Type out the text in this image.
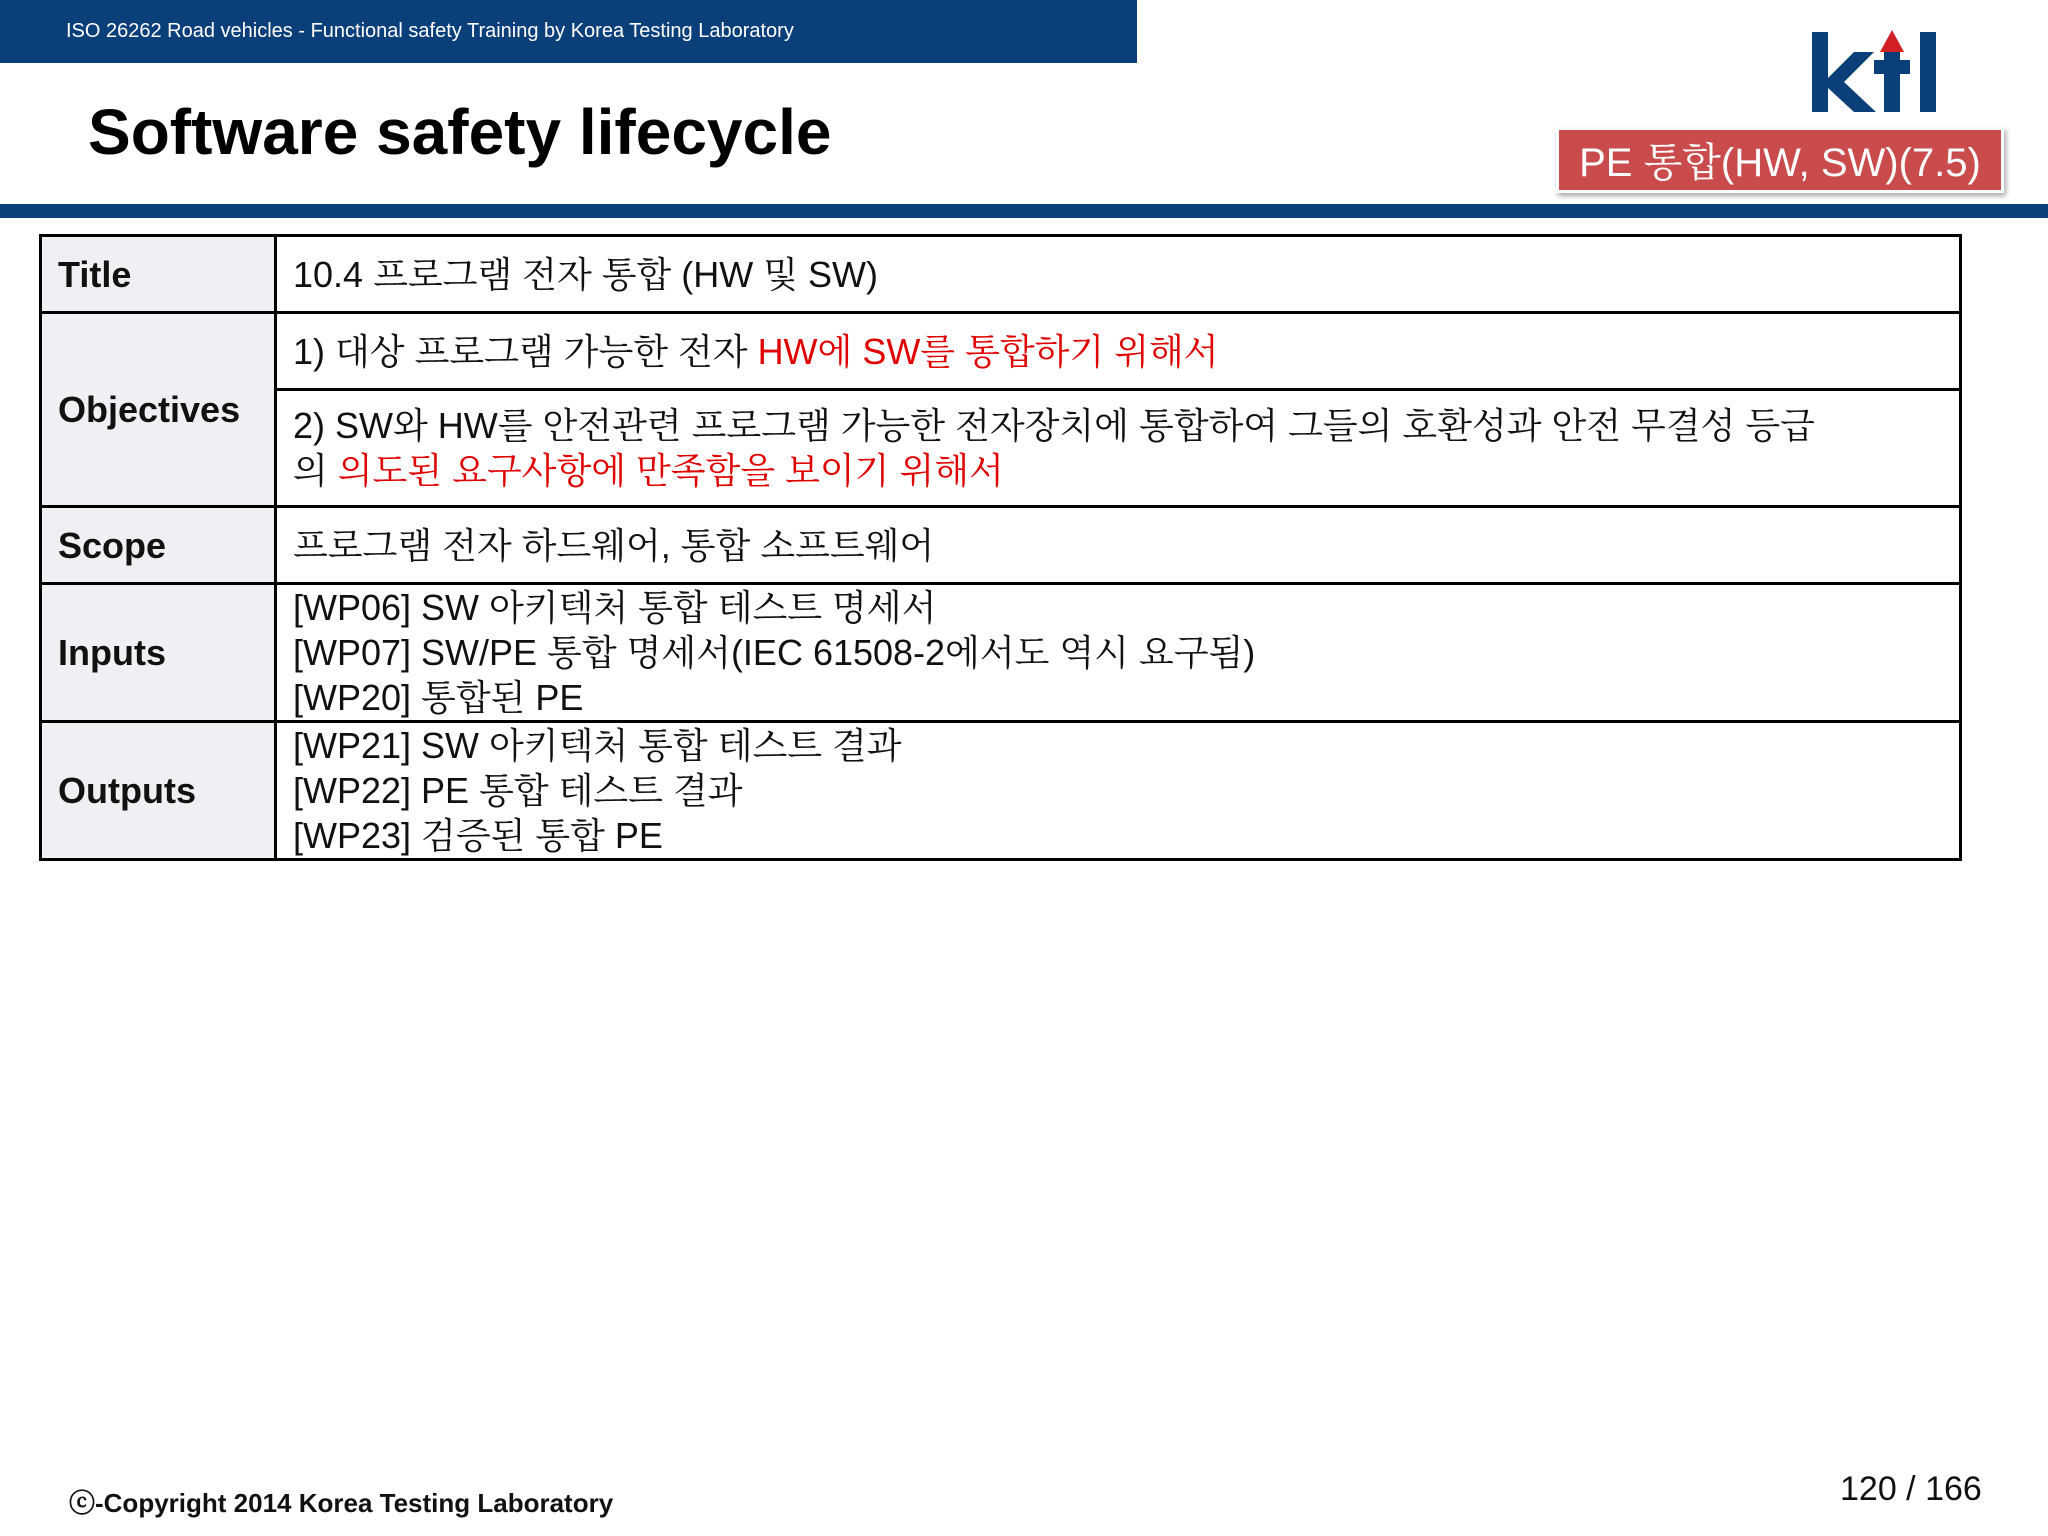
ISO 26262 Road vehicles - Functional safety Training by Korea Testing Laboratory
Software safety lifecycle	PE 통합(HW, SW)(7.5)
Title	10.4 프로그램 전자 통합 (HW 및 SW)
Objectives	1) 대상 프로그램 가능한 전자 HW에 SW를 통합하기 위해서

	2) SW와 HW를 안전관련 프로그램 가능한 전자장치에 통합하여 그들의 호환성과 안전 무결성 등급
의 의도된 요구사항에 만족함을 보이기 위해서

Scope	프로그램 전자 하드웨어, 통합 소프트웨어
Inputs	[WP06] SW 아키텍처 통합 테스트 명세서
[WP07] SW/PE 통합 명세서(IEC 61508-2에서도 역시 요구됨)
[WP20] 통합된 PE

Outputs	[WP21] SW 아키텍처 통합 테스트 결과
[WP22] PE 통합 테스트 결과
[WP23] 검증된 통합 PE
ⓒ-Copyright 2014 Korea Testing Laboratory	120 / 166
